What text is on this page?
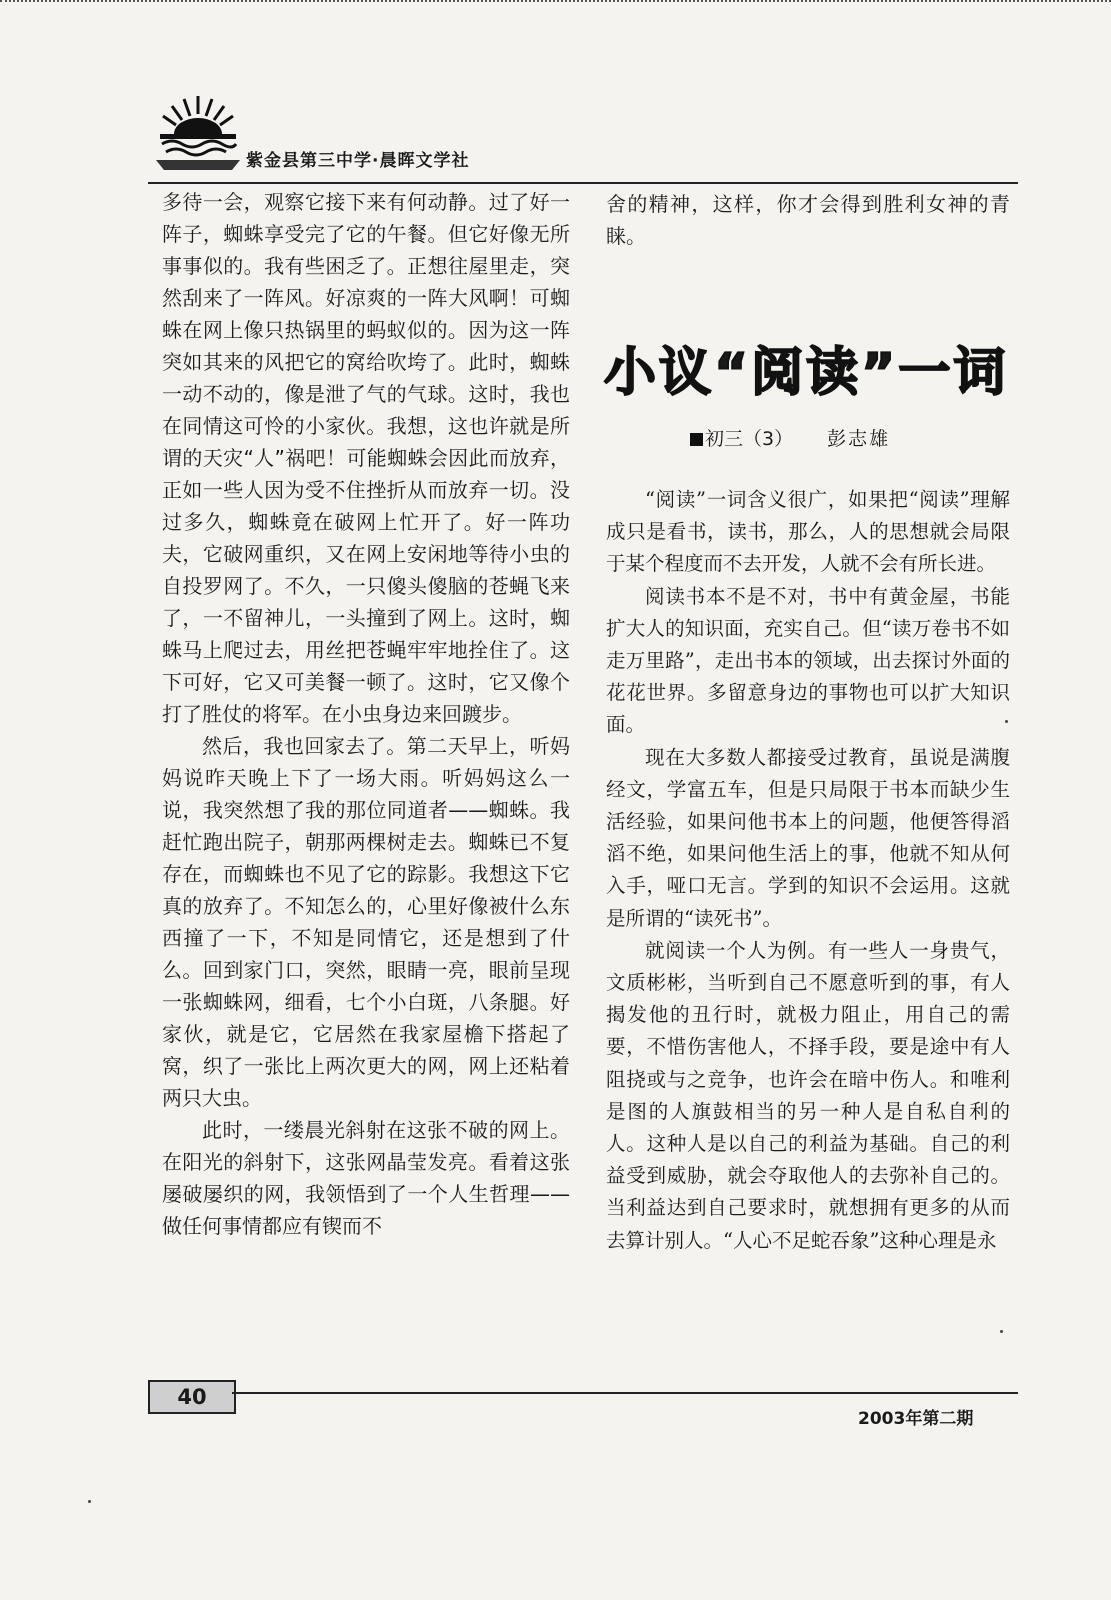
紫金县第三中学·晨晖文学社

多待一会，观察它接下来有何动静。过了好一阵子，蜘蛛享受完了它的午餐。但它好像无所事事似的。我有些困乏了。正想往屋里走，突然刮来了一阵风。好凉爽的一阵大风啊！可蜘蛛在网上像只热锅里的蚂蚁似的。因为这一阵突如其来的风把它的窝给吹垮了。此时，蜘蛛一动不动的，像是泄了气的气球。这时，我也在同情这可怜的小家伙。我想，这也许就是所谓的天灾“人”祸吧！可能蜘蛛会因此而放弃，正如一些人因为受不住挫折从而放弃一切。没过多久，蜘蛛竟在破网上忙开了。好一阵功夫，它破网重织，又在网上安闲地等待小虫的自投罗网了。不久，一只傻头傻脑的苍蝇飞来了，一不留神儿，一头撞到了网上。这时，蜘蛛马上爬过去，用丝把苍蝇牢牢地拴住了。这下可好，它又可美餐一顿了。这时，它又像个打了胜仗的将军。在小虫身边来回踱步。

然后，我也回家去了。第二天早上，听妈妈说昨天晚上下了一场大雨。听妈妈这么一说，我突然想了我的那位同道者——蜘蛛。我赶忙跑出院子，朝那两棵树走去。蜘蛛已不复存在，而蜘蛛也不见了它的踪影。我想这下它真的放弃了。不知怎么的，心里好像被什么东西撞了一下，不知是同情它，还是想到了什么。回到家门口，突然，眼睛一亮，眼前呈现一张蜘蛛网，细看，七个小白斑，八条腿。好家伙，就是它，它居然在我家屋檐下搭起了窝，织了一张比上两次更大的网，网上还粘着两只大虫。

此时，一缕晨光斜射在这张不破的网上。在阳光的斜射下，这张网晶莹发亮。看着这张屡破屡织的网，我领悟到了一个人生哲理——做任何事情都应有锲而不

舍的精神，这样，你才会得到胜利女神的青睐。

小议“阅读”一词
初三（3） 彭志雄

“阅读”一词含义很广，如果把“阅读”理解成只是看书，读书，那么，人的思想就会局限于某个程度而不去开发，人就不会有所长进。

阅读书本不是不对，书中有黄金屋，书能扩大人的知识面，充实自己。但“读万卷书不如走万里路”，走出书本的领域，出去探讨外面的花花世界。多留意身边的事物也可以扩大知识面。

现在大多数人都接受过教育，虽说是满腹经文，学富五车，但是只局限于书本而缺少生活经验，如果问他书本上的问题，他便答得滔滔不绝，如果问他生活上的事，他就不知从何入手，哑口无言。学到的知识不会运用。这就是所谓的“读死书”。

就阅读一个人为例。有一些人一身贵气，文质彬彬，当听到自己不愿意听到的事，有人揭发他的丑行时，就极力阻止，用自己的需要，不惜伤害他人，不择手段，要是途中有人阻挠或与之竞争，也许会在暗中伤人。和唯利是图的人旗鼓相当的另一种人是自私自利的人。这种人是以自己的利益为基础。自己的利益受到威胁，就会夺取他人的去弥补自己的。当利益达到自己要求时，就想拥有更多的从而去算计别人。“人心不足蛇吞象”这种心理是永

40
2003年第二期
